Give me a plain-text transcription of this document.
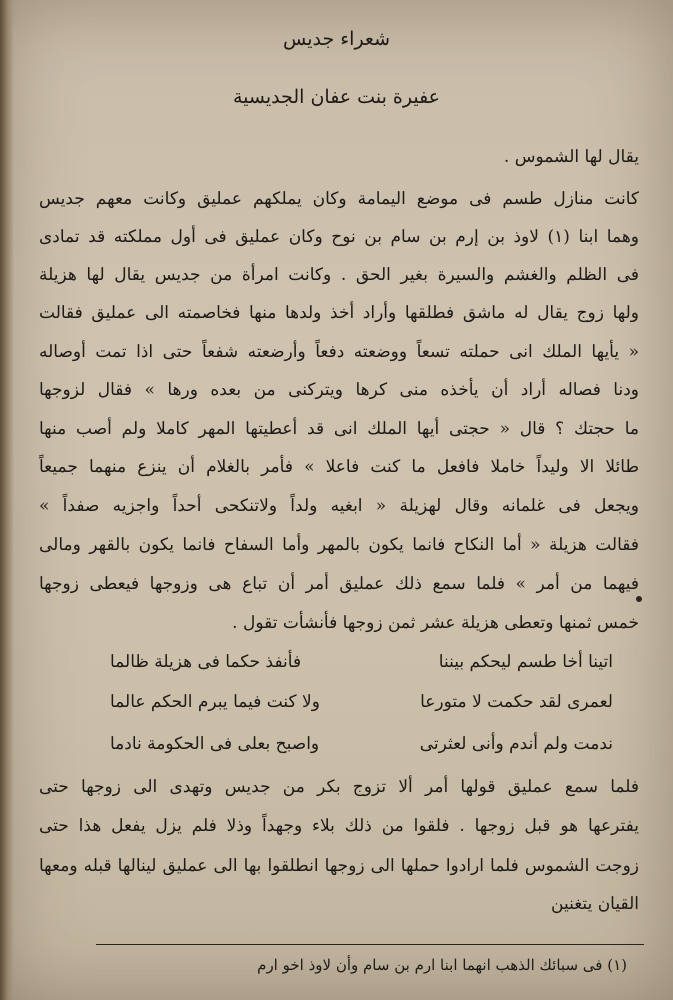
شعراء جديس
عفيرة بنت عفان الجديسية
يقال لها الشموس .
كانت منازل طسم فى موضع اليمامة وكان يملكهم عمليق وكانت معهم جديس
وهما ابنا (١) لاوذ بن إرم بن سام بن نوح وكان عمليق فى أول مملكته قد تمادى
فى الظلم والغشم والسيرة بغير الحق . وكانت امرأة من جديس يقال لها هزيلة
ولها زوج يقال له ماشق فطلقها وأراد أخذ ولدها منها فخاصمته الى عمليق فقالت
« يأيها الملك انى حملته تسعاً ووضعته دفعاً وأرضعته شفعاً حتى اذا تمت أوصاله
ودنا فصاله أراد أن يأخذه منى كرها ويتركنى من بعده ورها » فقال لزوجها
ما حجتك ؟ قال « حجتى أيها الملك انى قد أعطيتها المهر كاملا ولم أصب منها
طائلا الا وليداً خاملا فافعل ما كنت فاعلا » فأمر بالغلام أن ينزع منهما جميعاً
ويجعل فى غلمانه وقال لهزيلة « ابغيه ولداً ولاتنكحى أحداً واجزيه صفداً »
فقالت هزيلة « أما النكاح فانما يكون بالمهر وأما السفاح فانما يكون بالقهر ومالى
فيهما من أمر » فلما سمع ذلك عمليق أمر أن تباع هى وزوجها فيعطى زوجها
خمس ثمنها وتعطى هزيلة عشر ثمن زوجها فأنشأت تقول .
اتينا أخا طسم ليحكم بيننا
فأنفذ حكما فى هزيلة ظالما
لعمرى لقد حكمت لا متورعا
ولا كنت فيما يبرم الحكم عالما
ندمت ولم أندم وأنى لعثرتى
واصبح بعلى فى الحكومة نادما
فلما سمع عمليق قولها أمر ألا تزوج بكر من جديس وتهدى الى زوجها حتى
يفترعها هو قبل زوجها . فلقوا من ذلك بلاء وجهداً وذلا فلم يزل يفعل هذا حتى
زوجت الشموس فلما ارادوا حملها الى زوجها انطلقوا بها الى عمليق لينالها قبله ومعها
القيان يتغنين
(١) فى سبائك الذهب انهما ابنا ارم بن سام وأن لاوذ اخو ارم
